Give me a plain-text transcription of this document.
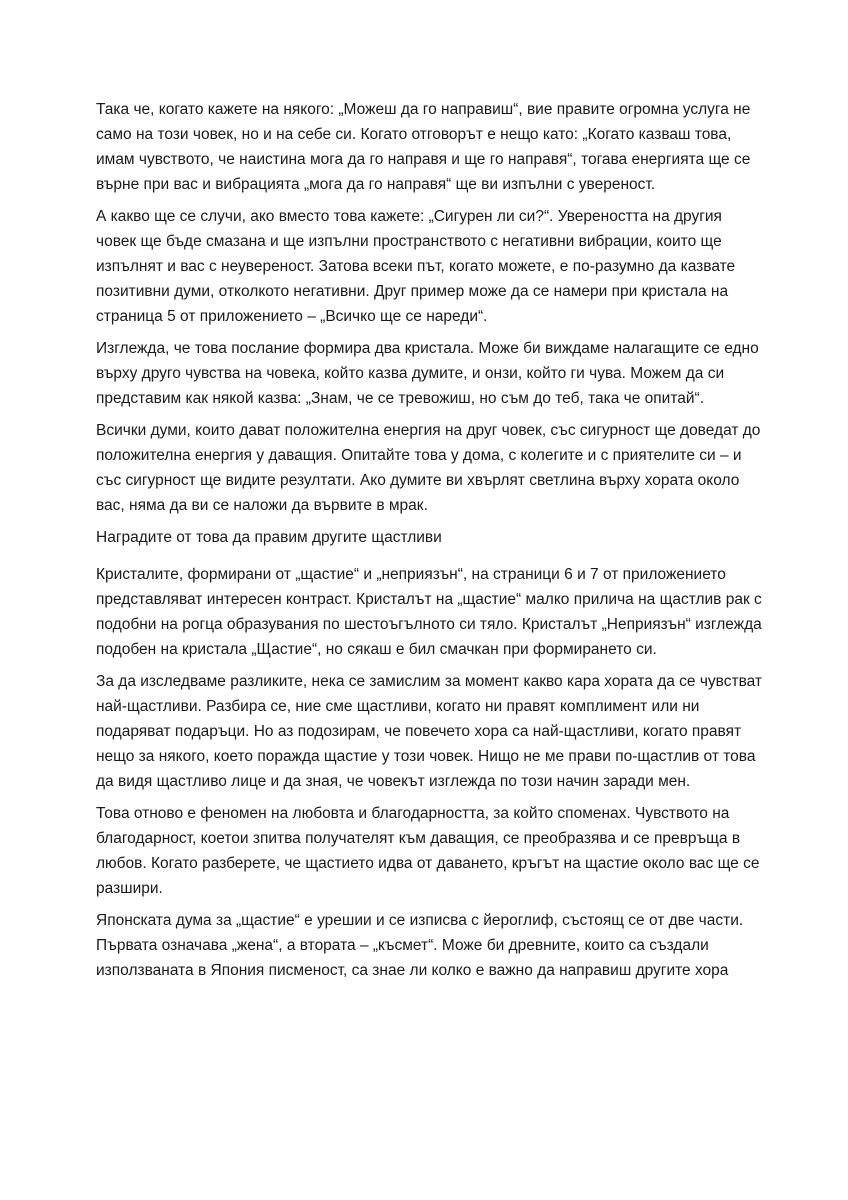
Така че, когато кажете на някого: „Можеш да го направиш“, вие правите огромна услуга не само на този човек, но и на себе си. Когато отговорът е нещо като: „Когато казваш това, имам чувството, че наистина мога да го направя и ще го направя“, тогава енергията ще се върне при вас и вибрацията „мога да го направя“ ще ви изпълни с увереност.

А какво ще се случи, ако вместо това кажете: „Сигурен ли си?“. Увереността на другия човек ще бъде смазана и ще изпълни пространството с негативни вибрации, които ще изпълнят и вас с неувереност. Затова всеки път, когато можете, е по-разумно да казвате позитивни думи, отколкото негативни. Друг пример може да се намери при кристала на страница 5 от приложението – „Всичко ще се нареди“.

Изглежда, че това послание формира два кристала. Може би виждаме налагащите се едно върху друго чувства на човека, който казва думите, и онзи, който ги чува. Можем да си представим как някой казва: „Знам, че се тревожиш, но съм до теб, така че опитай“.

Всички думи, които дават положителна енергия на друг човек, със сигурност ще доведат до положителна енергия у даващия. Опитайте това у дома, с колегите и с приятелите си – и със сигурност ще видите резултати. Ако думите ви хвърлят светлина върху хората около вас, няма да ви се наложи да вървите в мрак.

Наградите от това да правим другите щастливи

Кристалите, формирани от „щастие“ и „неприязън“, на страници 6 и 7 от приложението представляват интересен контраст. Кристалът на „щастие“ малко прилича на щастлив рак с подобни на рогца образувания по шестоъгълното си тяло. Кристалът „Неприязън“ изглежда подобен на кристала „Щастие“, но сякаш е бил смачкан при формирането си.

За да изследваме разликите, нека се замислим за момент какво кара хората да се чувстват най-щастливи. Разбира се, ние сме щастливи, когато ни правят комплимент или ни подаряват подаръци. Но аз подозирам, че повечето хора са най-щастливи, когато правят нещо за някого, което поражда щастие у този човек. Нищо не ме прави по-щастлив от това да видя щастливо лице и да зная, че човекът изглежда по този начин заради мен.

Това отново е феномен на любовта и благодарността, за който споменах. Чувството на благодарност, коетои зпитва получателят към даващия, се преобразява и се превръща в любов. Когато разберете, че щастието идва от даването, кръгът на щастие около вас ще се разшири.

Японската дума за „щастие“ е урешии и се изписва с йероглиф, състоящ се от две части. Първата означава „жена“, а втората – „късмет“. Може би древните, които са създали използваната в Япония писменост, са знае ли колко е важно да направиш другите хора
